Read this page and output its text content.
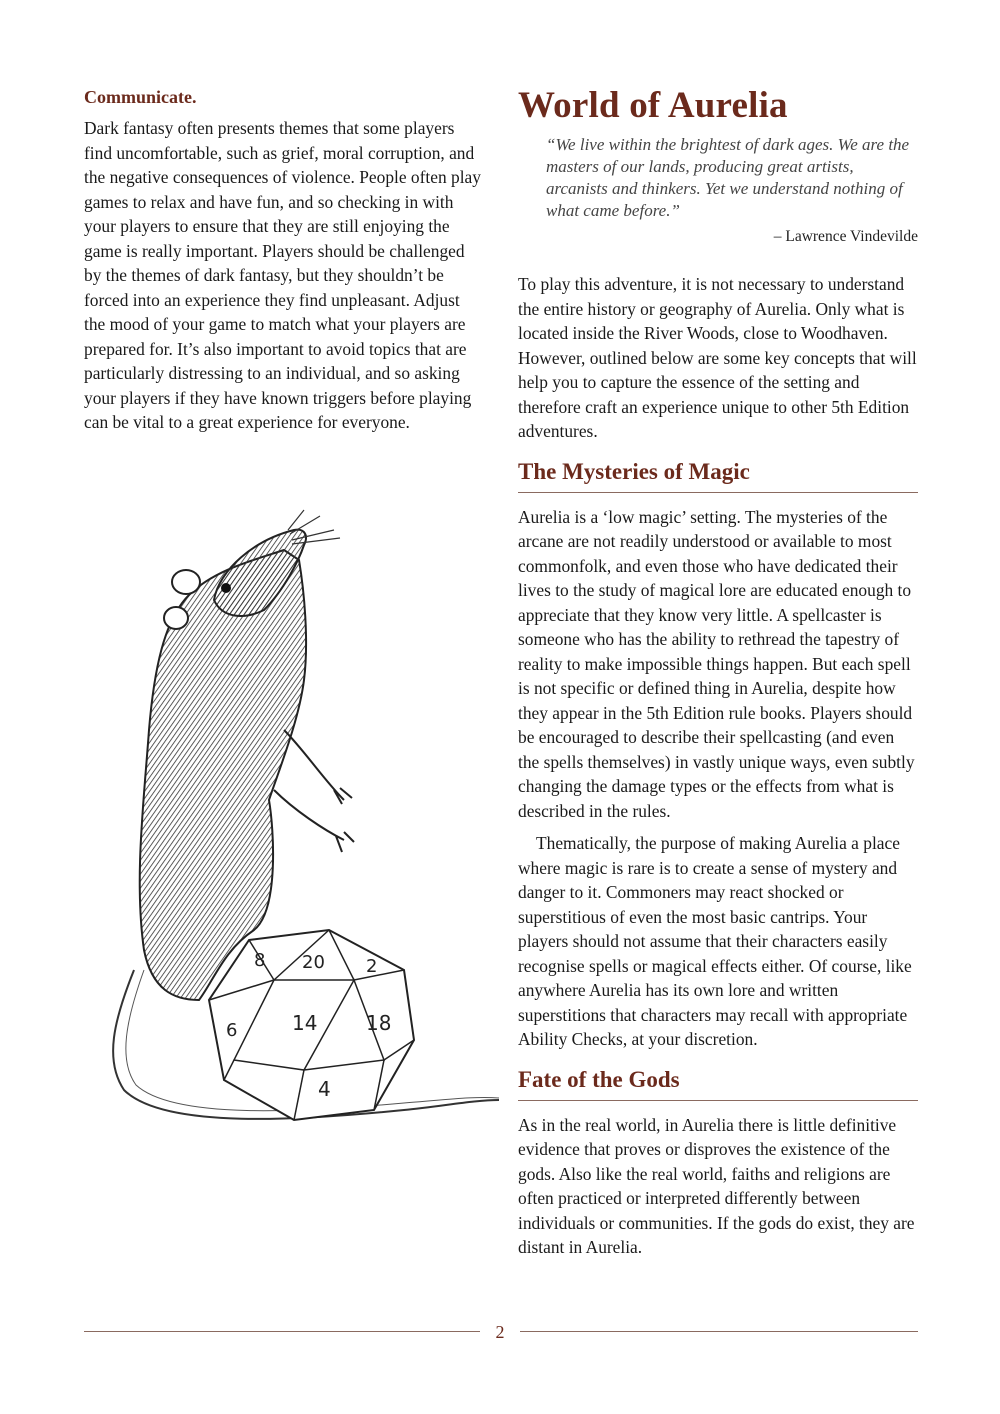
Communicate.

Dark fantasy often presents themes that some players find uncomfortable, such as grief, moral corruption, and the negative consequences of violence. People often play games to relax and have fun, and so checking in with your players to ensure that they are still enjoying the game is really important. Players should be challenged by the themes of dark fantasy, but they shouldn’t be forced into an experience they find unpleasant. Adjust the mood of your game to match what your players are prepared for. It’s also important to avoid topics that are particularly distressing to an individual, and so asking your players if they have known triggers before playing can be vital to a great experience for everyone.

8 20 2
14 18
6
4
World of Aurelia
“We live within the brightest of dark ages. We are the masters of our lands, producing great artists, arcanists and thinkers. Yet we understand nothing of what came before.”
– Lawrence Vindevilde

To play this adventure, it is not necessary to understand the entire history or geography of Aurelia. Only what is located inside the River Woods, close to Woodhaven. However, outlined below are some key concepts that will help you to capture the essence of the setting and therefore craft an experience unique to other 5th Edition adventures.

The Mysteries of Magic

Aurelia is a ‘low magic’ setting. The mysteries of the arcane are not readily understood or available to most commonfolk, and even those who have dedicated their lives to the study of magical lore are educated enough to appreciate that they know very little. A spellcaster is someone who has the ability to rethread the tapestry of reality to make impossible things happen. But each spell is not specific or defined thing in Aurelia, despite how they appear in the 5th Edition rule books. Players should be encouraged to describe their spellcasting (and even the spells themselves) in vastly unique ways, even subtly changing the damage types or the effects from what is described in the rules.

Thematically, the purpose of making Aurelia a place where magic is rare is to create a sense of mystery and danger to it. Commoners may react shocked or superstitious of even the most basic cantrips. Your players should not assume that their characters easily recognise spells or magical effects either. Of course, like anywhere Aurelia has its own lore and written superstitions that characters may recall with appropriate Ability Checks, at your discretion.

Fate of the Gods

As in the real world, in Aurelia there is little definitive evidence that proves or disproves the existence of the gods. Also like the real world, faiths and religions are often practiced or interpreted differently between individuals or communities. If the gods do exist, they are distant in Aurelia.

2
